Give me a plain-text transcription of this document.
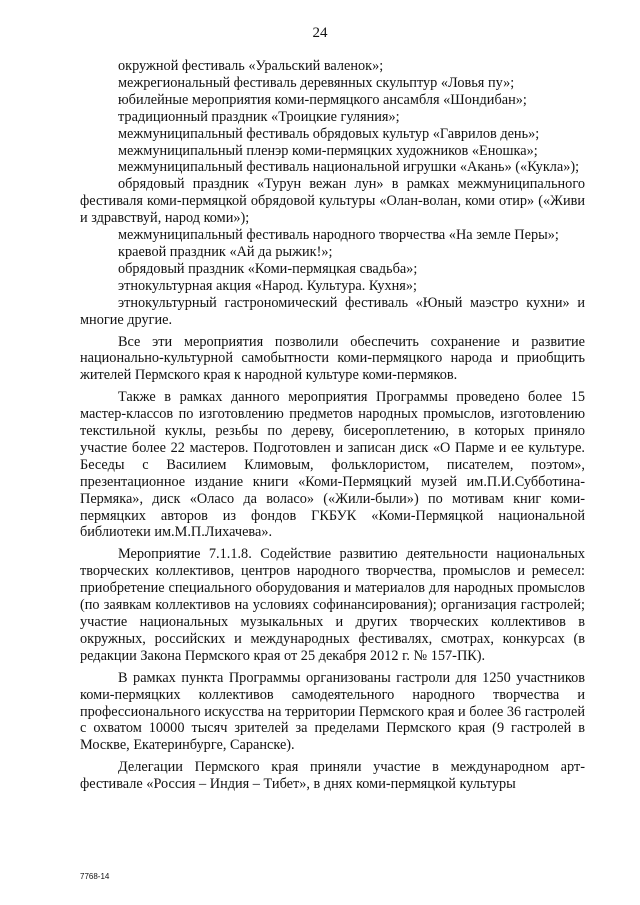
24

окружной фестиваль «Уральский валенок»;

межрегиональный фестиваль деревянных скульптур «Ловья пу»;

юбилейные мероприятия коми-пермяцкого ансамбля «Шондибан»;

традиционный праздник «Троицкие гуляния»;

межмуниципальный фестиваль обрядовых культур «Гаврилов день»;

межмуниципальный пленэр коми-пермяцких художников «Еношка»;

межмуниципальный фестиваль национальной игрушки «Акань» («Кукла»);

обрядовый праздник «Турун вежан лун» в рамках межмуниципального фестиваля коми-пермяцкой обрядовой культуры «Олан-волан, коми отир» («Живи и здравствуй, народ коми»);

межмуниципальный фестиваль народного творчества «На земле Перы»;

краевой праздник «Ай да рыжик!»;

обрядовый праздник «Коми-пермяцкая свадьба»;

этнокультурная акция «Народ. Культура. Кухня»;

этнокультурный гастрономический фестиваль «Юный маэстро кухни» и многие другие.

Все эти мероприятия позволили обеспечить сохранение и развитие национально-культурной самобытности коми-пермяцкого народа и приобщить жителей Пермского края к народной культуре коми-пермяков.

Также в рамках данного мероприятия Программы проведено более 15 мастер-классов по изготовлению предметов народных промыслов, изготовлению текстильной куклы, резьбы по дереву, бисероплетению, в которых приняло участие более 22 мастеров. Подготовлен и записан диск «О Парме и ее культуре. Беседы с Василием Климовым, фольклористом, писателем, поэтом», презентационное издание книги «Коми-Пермяцкий музей им.П.И.Субботина-Пермяка», диск «Оласо да воласо» («Жили-были») по мотивам книг коми-пермяцких авторов из фондов ГКБУК «Коми-Пермяцкой национальной библиотеки им.М.П.Лихачева».

Мероприятие 7.1.1.8. Содействие развитию деятельности национальных творческих коллективов, центров народного творчества, промыслов и ремесел: приобретение специального оборудования и материалов для народных промыслов (по заявкам коллективов на условиях софинансирования); организация гастролей; участие национальных музыкальных и других творческих коллективов в окружных, российских и международных фестивалях, смотрах, конкурсах (в редакции Закона Пермского края от 25 декабря 2012 г. № 157-ПК).

В рамках пункта Программы организованы гастроли для 1250 участников коми-пермяцких коллективов самодеятельного народного творчества и профессионального искусства на территории Пермского края и более 36 гастролей с охватом 10000 тысяч зрителей за пределами Пермского края (9 гастролей в Москве, Екатеринбурге, Саранске).

Делегации Пермского края приняли участие в международном арт-фестивале «Россия – Индия – Тибет», в днях коми-пермяцкой культуры

7768-14
